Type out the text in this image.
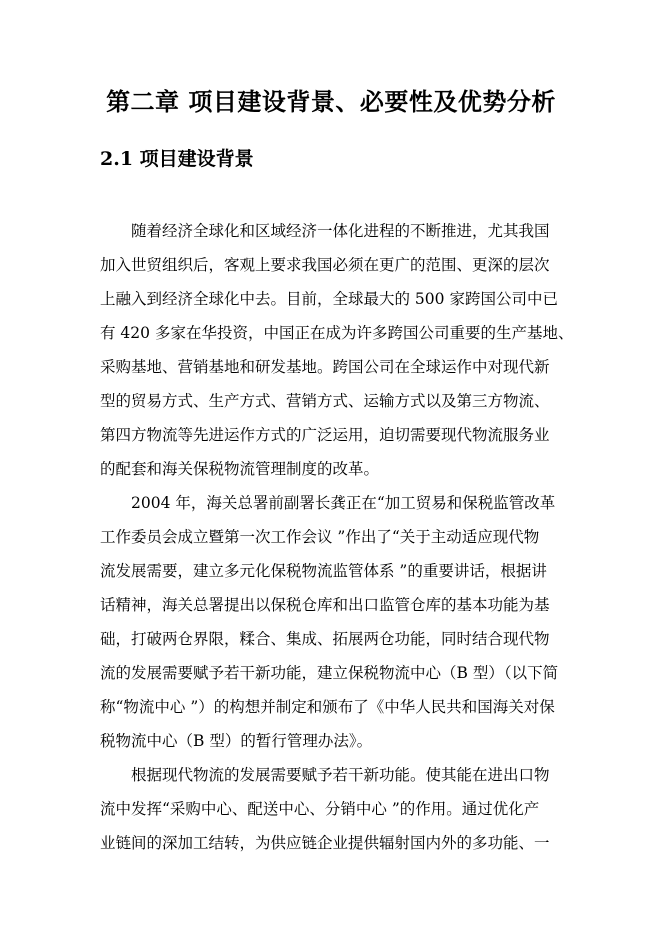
第二章 项目建设背景、必要性及优势分析
2.1 项目建设背景

随着经济全球化和区域经济一体化进程的不断推进，尤其我国

加入世贸组织后，客观上要求我国必须在更广的范围、更深的层次

上融入到经济全球化中去。目前，全球最大的 500 家跨国公司中已

有 420 多家在华投资，中国正在成为许多跨国公司重要的生产基地、

采购基地、营销基地和研发基地。跨国公司在全球运作中对现代新

型的贸易方式、生产方式、营销方式、运输方式以及第三方物流、

第四方物流等先进运作方式的广泛运用，迫切需要现代物流服务业

的配套和海关保税物流管理制度的改革。

2004 年，海关总署前副署长龚正在“加工贸易和保税监管改革

工作委员会成立暨第一次工作会议 ”作出了“关于主动适应现代物

流发展需要，建立多元化保税物流监管体系 ”的重要讲话，根据讲

话精神，海关总署提出以保税仓库和出口监管仓库的基本功能为基

础，打破两仓界限，糅合、集成、拓展两仓功能，同时结合现代物

流的发展需要赋予若干新功能，建立保税物流中心（B 型）（以下简

称“物流中心 ”）的构想并制定和颁布了《中华人民共和国海关对保

税物流中心（B 型）的暂行管理办法》。

根据现代物流的发展需要赋予若干新功能。使其能在进出口物

流中发挥“采购中心、配送中心、分销中心 ”的作用。通过优化产

业链间的深加工结转，为供应链企业提供辐射国内外的多功能、一
